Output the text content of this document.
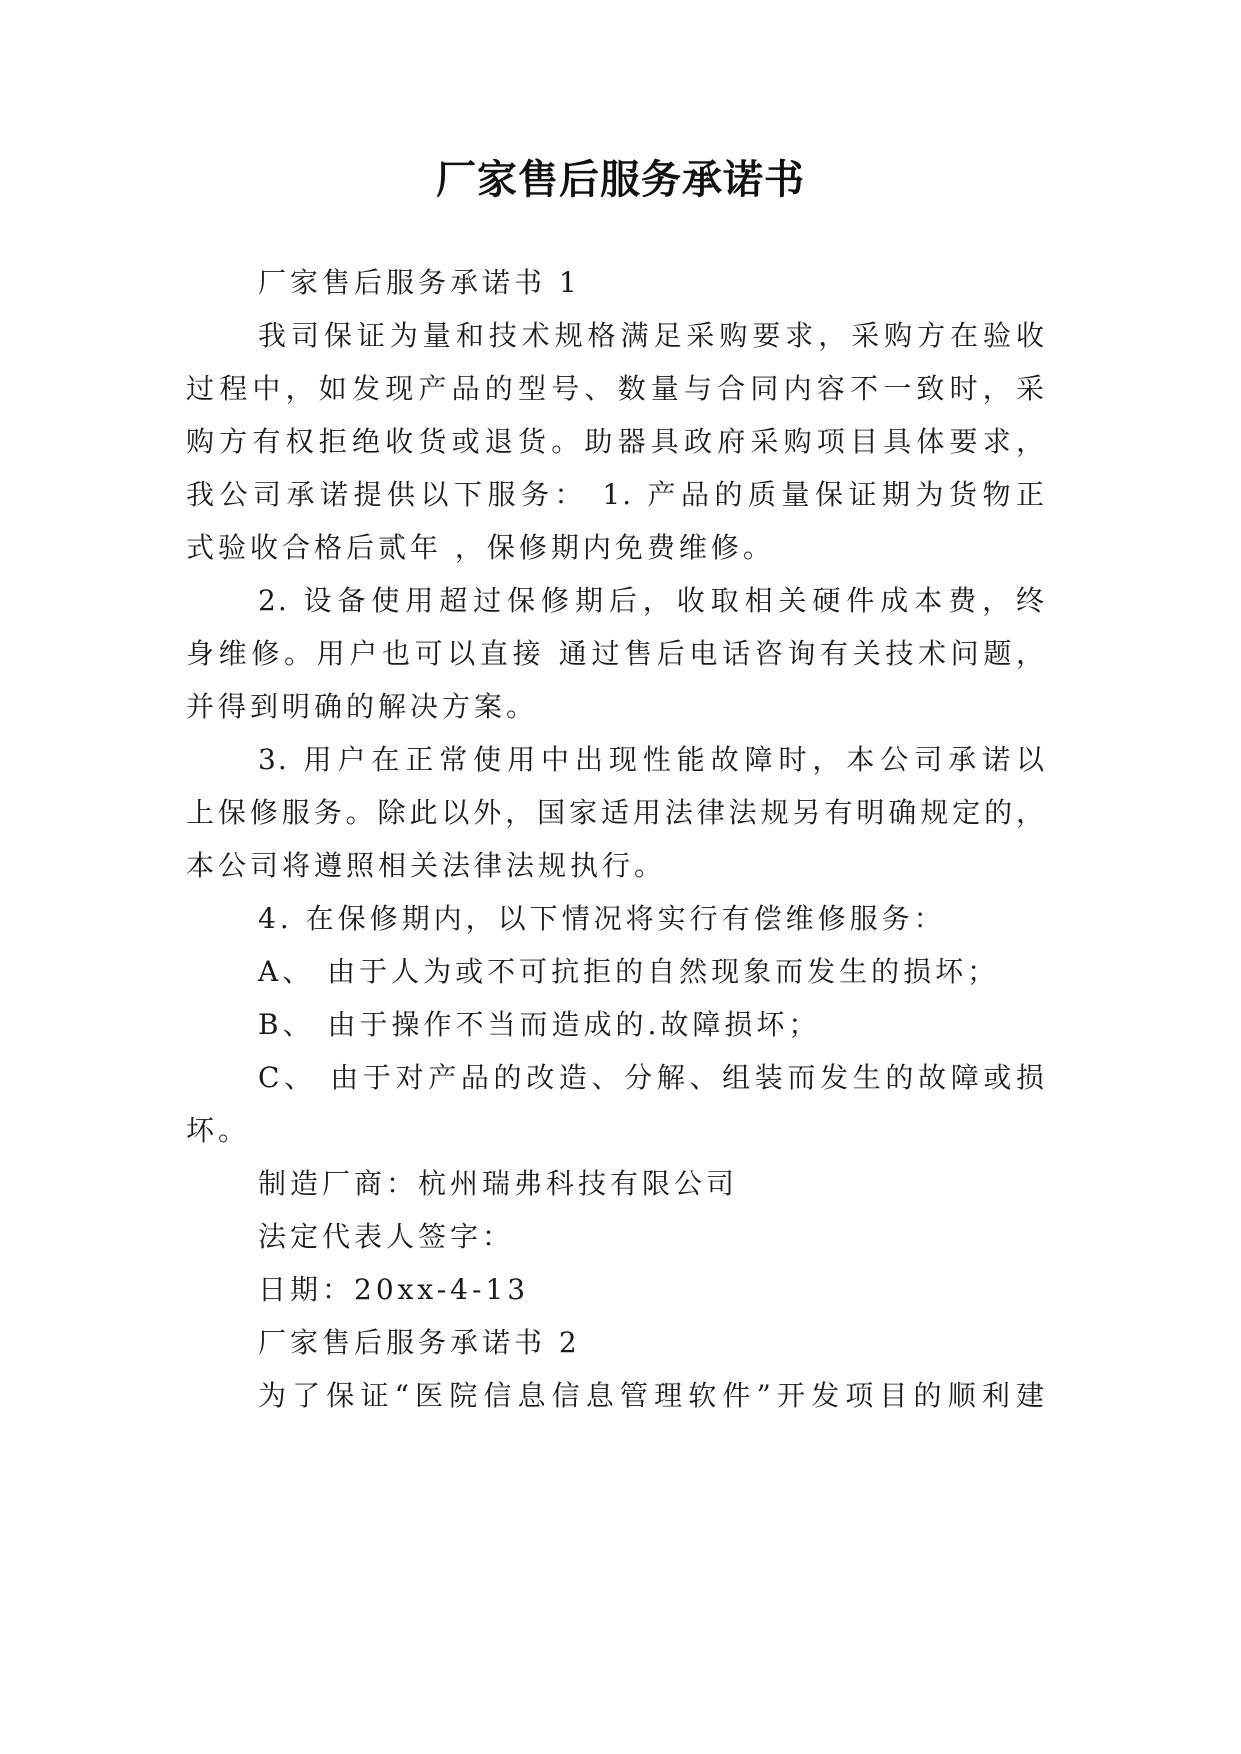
厂家售后服务承诺书
厂家售后服务承诺书 1
我司保证为量和技术规格满足采购要求，采购方在验收
过程中，如发现产品的型号、数量与合同内容不一致时，采
购方有权拒绝收货或退货。助器具政府采购项目具体要求，
我公司承诺提供以下服务： 1. 产品的质量保证期为货物正
式验收合格后贰年 ，保修期内免费维修。
2. 设备使用超过保修期后，收取相关硬件成本费，终
身维修。用户也可以直接 通过售后电话咨询有关技术问题，
并得到明确的解决方案。
3. 用户在正常使用中出现性能故障时，本公司承诺以
上保修服务。除此以外，国家适用法律法规另有明确规定的，
本公司将遵照相关法律法规执行。
4. 在保修期内，以下情况将实行有偿维修服务：
A、 由于人为或不可抗拒的自然现象而发生的损坏；
B、 由于操作不当而造成的.故障损坏；
C、 由于对产品的改造、分解、组装而发生的故障或损
坏。
制造厂商：杭州瑞弗科技有限公司
法定代表人签字：
日期：20xx-4-13
厂家售后服务承诺书 2
为了保证“医院信息信息管理软件”开发项目的顺利建
